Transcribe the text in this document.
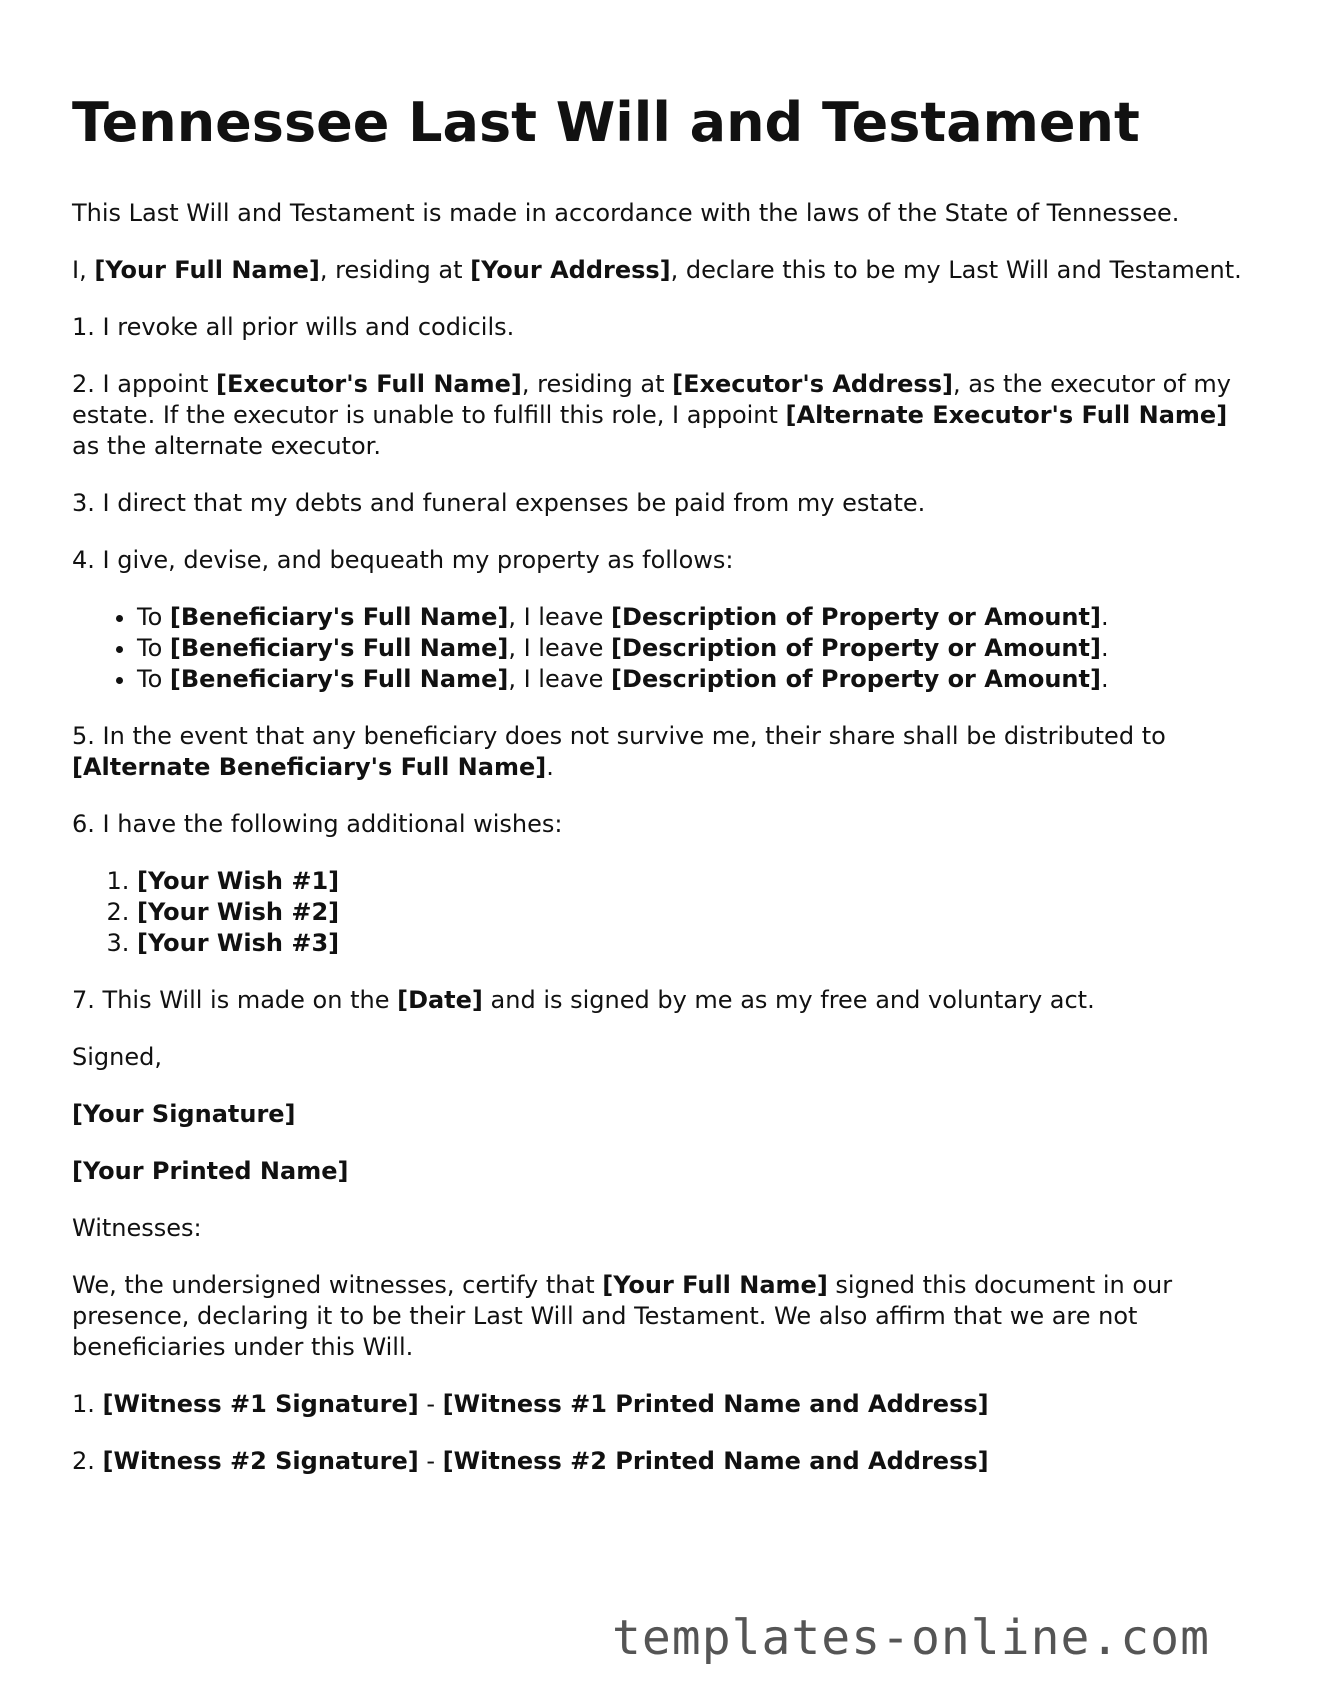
Tennessee Last Will and Testament

This Last Will and Testament is made in accordance with the laws of the State of Tennessee.

I, [Your Full Name], residing at [Your Address], declare this to be my Last Will and Testament.

1. I revoke all prior wills and codicils.

2. I appoint [Executor's Full Name], residing at [Executor's Address], as the executor of my estate. If the executor is unable to fulfill this role, I appoint [Alternate Executor's Full Name] as the alternate executor.

3. I direct that my debts and funeral expenses be paid from my estate.

4. I give, devise, and bequeath my property as follows:

• To [Beneficiary's Full Name], I leave [Description of Property or Amount].
• To [Beneficiary's Full Name], I leave [Description of Property or Amount].
• To [Beneficiary's Full Name], I leave [Description of Property or Amount].

5. In the event that any beneficiary does not survive me, their share shall be distributed to [Alternate Beneficiary's Full Name].

6. I have the following additional wishes:

1. [Your Wish #1]
2. [Your Wish #2]
3. [Your Wish #3]

7. This Will is made on the [Date] and is signed by me as my free and voluntary act.

Signed,

[Your Signature]

[Your Printed Name]

Witnesses:

We, the undersigned witnesses, certify that [Your Full Name] signed this document in our presence, declaring it to be their Last Will and Testament. We also affirm that we are not beneficiaries under this Will.

1. [Witness #1 Signature] - [Witness #1 Printed Name and Address]

2. [Witness #2 Signature] - [Witness #2 Printed Name and Address]

templates-online.com
